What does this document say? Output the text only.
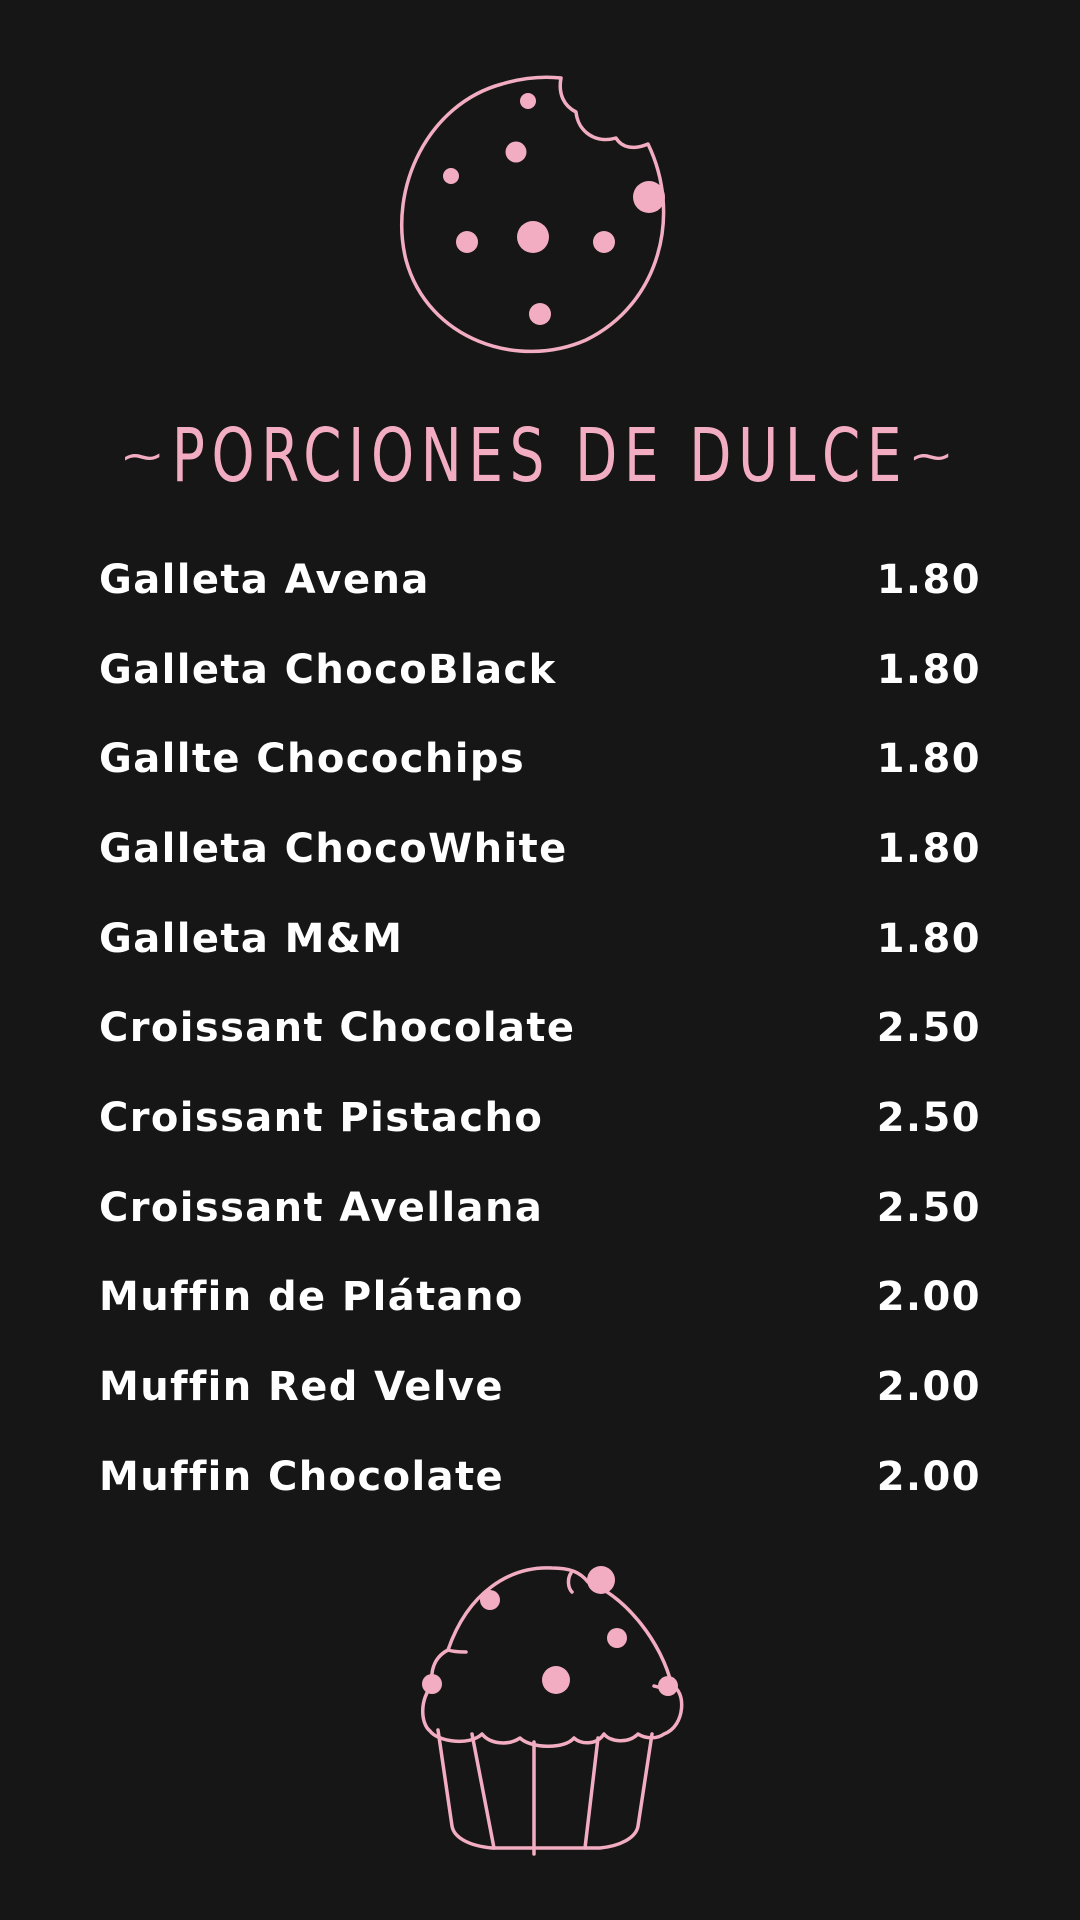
~ PORCIONES DE DULCE ~
Galleta Avena	1.80
Galleta ChocoBlack	1.80
Gallte Chocochips	1.80
Galleta ChocoWhite	1.80
Galleta M&M	1.80
Croissant Chocolate	2.50
Croissant Pistacho	2.50
Croissant Avellana	2.50
Muffin de Plátano	2.00
Muffin Red Velve	2.00
Muffin Chocolate	2.00
